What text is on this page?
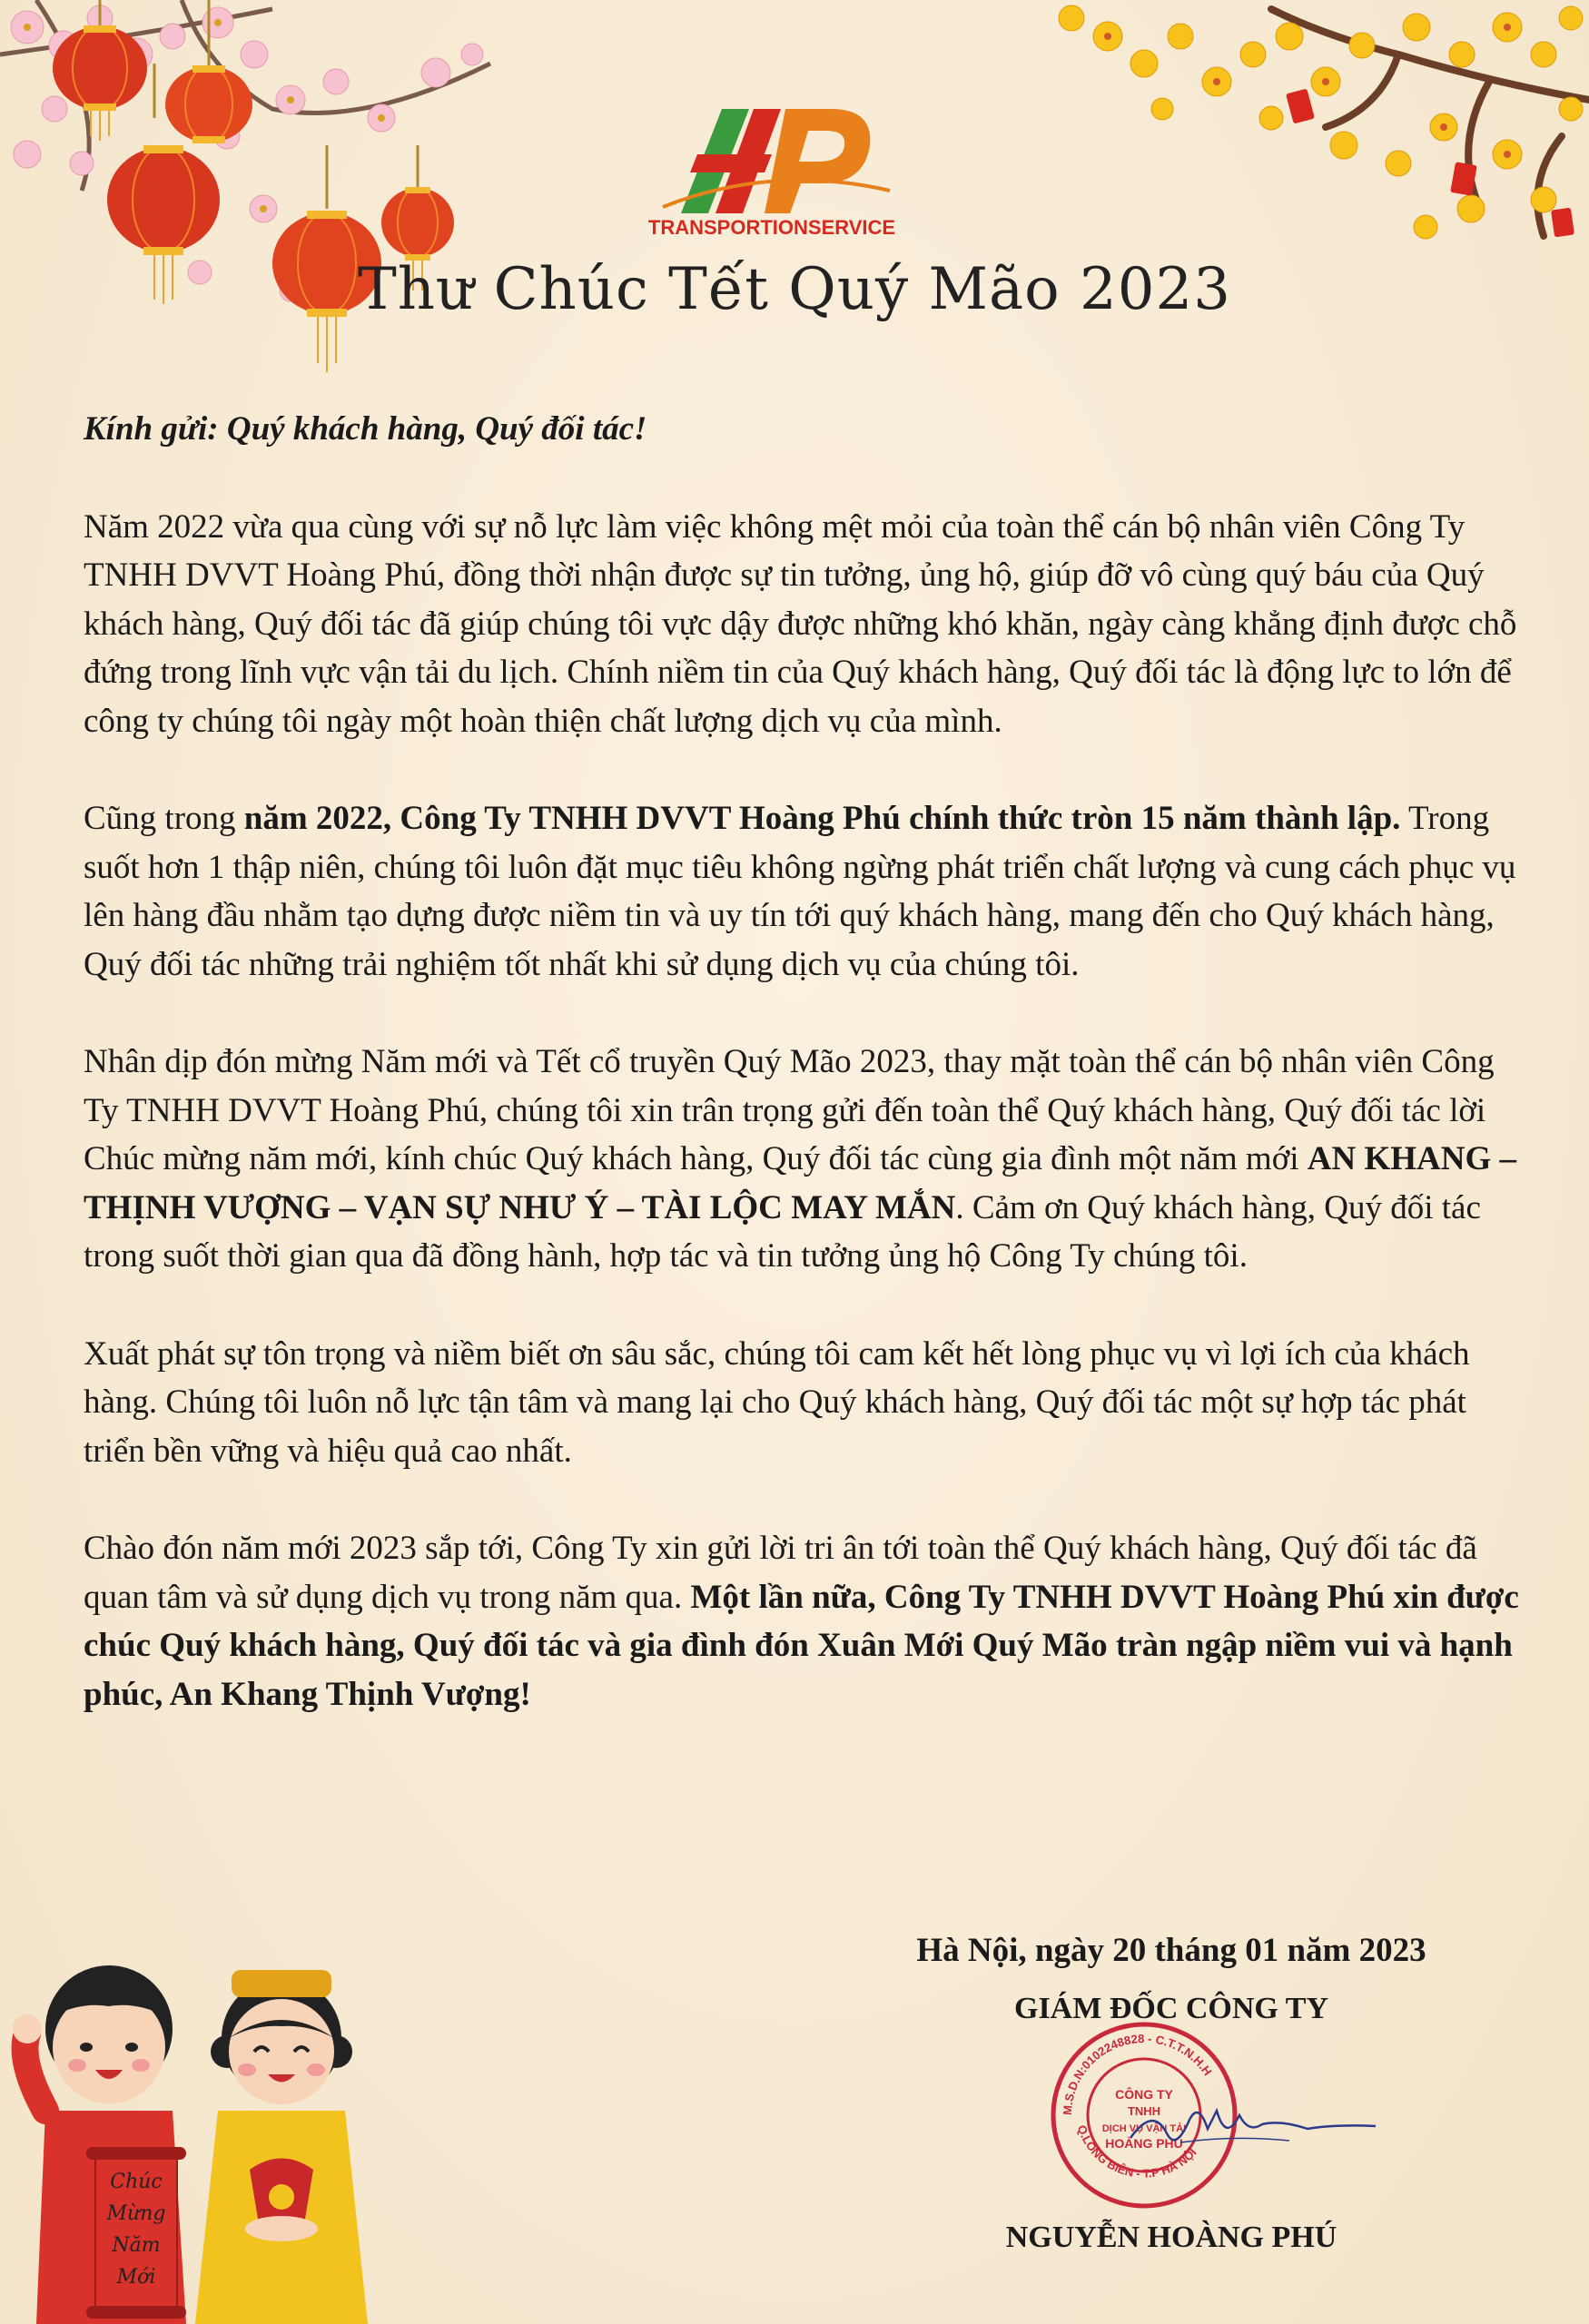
TRANSPORTIONSERVICE
Thư Chúc Tết Quý Mão 2023

Kính gửi: Quý khách hàng, Quý đối tác!

Năm 2022 vừa qua cùng với sự nỗ lực làm việc không mệt mỏi của toàn thể cán bộ nhân viên Công Ty TNHH DVVT Hoàng Phú, đồng thời nhận được sự tin tưởng, ủng hộ, giúp đỡ vô cùng quý báu của Quý khách hàng, Quý đối tác đã giúp chúng tôi vực dậy được những khó khăn, ngày càng khẳng định được chỗ đứng trong lĩnh vực vận tải du lịch. Chính niềm tin của Quý khách hàng, Quý đối tác là động lực to lớn để công ty chúng tôi ngày một hoàn thiện chất lượng dịch vụ của mình.

Cũng trong năm 2022, Công Ty TNHH DVVT Hoàng Phú chính thức tròn 15 năm thành lập. Trong suốt hơn 1 thập niên, chúng tôi luôn đặt mục tiêu không ngừng phát triển chất lượng và cung cách phục vụ lên hàng đầu nhằm tạo dựng được niềm tin và uy tín tới quý khách hàng, mang đến cho Quý khách hàng, Quý đối tác những trải nghiệm tốt nhất khi sử dụng dịch vụ của chúng tôi.

Nhân dịp đón mừng Năm mới và Tết cổ truyền Quý Mão 2023, thay mặt toàn thể cán bộ nhân viên Công Ty TNHH DVVT Hoàng Phú, chúng tôi xin trân trọng gửi đến toàn thể Quý khách hàng, Quý đối tác lời Chúc mừng năm mới, kính chúc Quý khách hàng, Quý đối tác cùng gia đình một năm mới AN KHANG – THỊNH VƯỢNG – VẠN SỰ NHƯ Ý – TÀI LỘC MAY MẮN. Cảm ơn Quý khách hàng, Quý đối tác trong suốt thời gian qua đã đồng hành, hợp tác và tin tưởng ủng hộ Công Ty chúng tôi.

Xuất phát sự tôn trọng và niềm biết ơn sâu sắc, chúng tôi cam kết hết lòng phục vụ vì lợi ích của khách hàng. Chúng tôi luôn nỗ lực tận tâm và mang lại cho Quý khách hàng, Quý đối tác một sự hợp tác phát triển bền vững và hiệu quả cao nhất.

Chào đón năm mới 2023 sắp tới, Công Ty xin gửi lời tri ân tới toàn thể Quý khách hàng, Quý đối tác đã quan tâm và sử dụng dịch vụ trong năm qua. Một lần nữa, Công Ty TNHH DVVT Hoàng Phú xin được chúc Quý khách hàng, Quý đối tác và gia đình đón Xuân Mới Quý Mão tràn ngập niềm vui và hạnh phúc, An Khang Thịnh Vượng!

Hà Nội, ngày 20 tháng 01 năm 2023
GIÁM ĐỐC CÔNG TY
NGUYỄN HOÀNG PHÚ
M.S.D.N:0102248828 - C.T.T.N.H.H
Q.LONG BIÊN - T.P HÀ NỘI
CÔNG TY
TNHH
DỊCH VỤ VẬN TẢI
HOÀNG PHÚ
Chúc
Mừng
Năm
Mới
